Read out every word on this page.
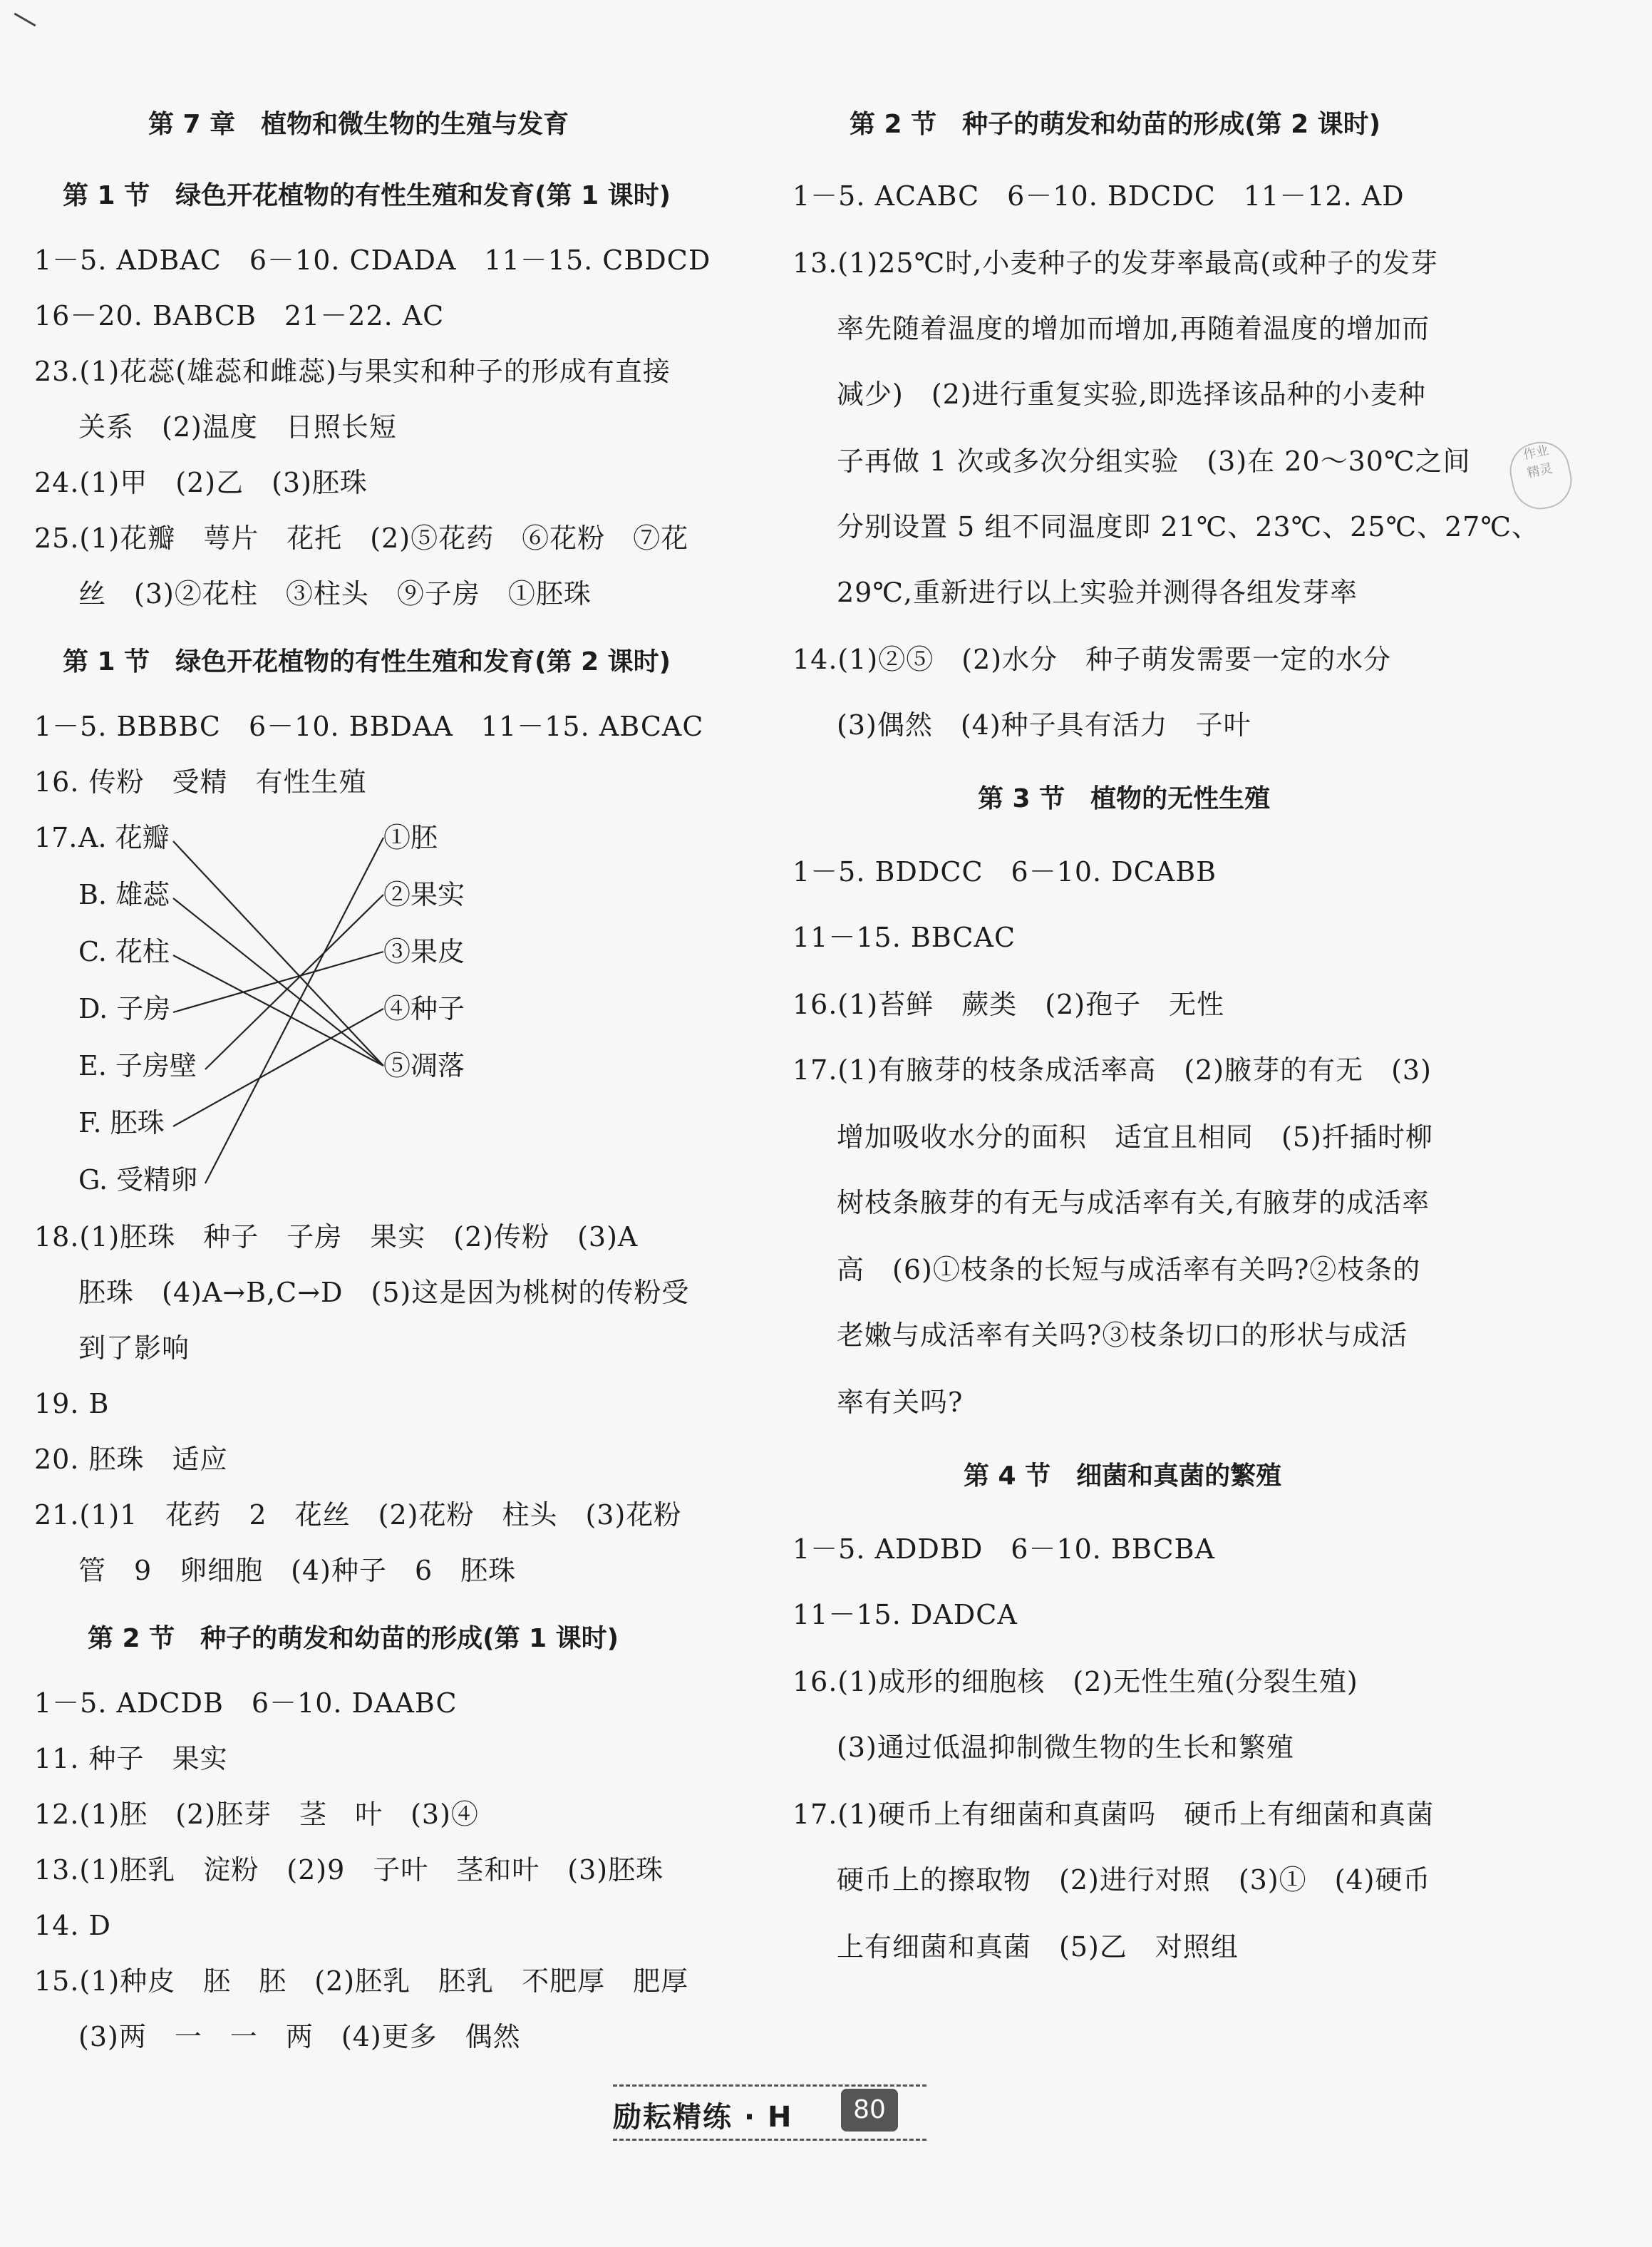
第 7 章　植物和微生物的生殖与发育
第 1 节　绿色开花植物的有性生殖和发育(第 1 课时)
1－5. ADBAC　6－10. CDADA　11－15. CBDCD
16－20. BABCB　21－22. AC
23.(1)花蕊(雄蕊和雌蕊)与果实和种子的形成有直接
关系　(2)温度　日照长短
24.(1)甲　(2)乙　(3)胚珠
25.(1)花瓣　萼片　花托　(2)⑤花药　⑥花粉　⑦花
丝　(3)②花柱　③柱头　⑨子房　①胚珠
第 1 节　绿色开花植物的有性生殖和发育(第 2 课时)
1－5. BBBBC　6－10. BBDAA　11－15. ABCAC
16. 传粉　受精　有性生殖
17. A. 花瓣
B. 雄蕊
C. 花柱
D. 子房
E. 子房壁
F. 胚珠
G. 受精卵
①胚
②果实
③果皮
④种子
⑤凋落
18.(1)胚珠　种子　子房　果实　(2)传粉　(3)A
胚珠　(4)A→B,C→D　(5)这是因为桃树的传粉受
到了影响
19. B
20. 胚珠　适应
21.(1)1　花药　2　花丝　(2)花粉　柱头　(3)花粉
管　9　卵细胞　(4)种子　6　胚珠
第 2 节　种子的萌发和幼苗的形成(第 1 课时)
1－5. ADCDB　6－10. DAABC
11. 种子　果实
12.(1)胚　(2)胚芽　茎　叶　(3)④
13.(1)胚乳　淀粉　(2)9　子叶　茎和叶　(3)胚珠
14. D
15.(1)种皮　胚　胚　(2)胚乳　胚乳　不肥厚　肥厚
(3)两　一　一　两　(4)更多　偶然
第 2 节　种子的萌发和幼苗的形成(第 2 课时)
1－5. ACABC　6－10. BDCDC　11－12. AD
13.(1)25℃时,小麦种子的发芽率最高(或种子的发芽
率先随着温度的增加而增加,再随着温度的增加而
减少)　(2)进行重复实验,即选择该品种的小麦种
子再做 1 次或多次分组实验　(3)在 20～30℃之间
分别设置 5 组不同温度即 21℃、23℃、25℃、27℃、
29℃,重新进行以上实验并测得各组发芽率
14.(1)②⑤　(2)水分　种子萌发需要一定的水分
(3)偶然　(4)种子具有活力　子叶
第 3 节　植物的无性生殖
1－5. BDDCC　6－10. DCABB
11－15. BBCAC
16.(1)苔鲜　蕨类　(2)孢子　无性
17.(1)有腋芽的枝条成活率高　(2)腋芽的有无　(3)
增加吸收水分的面积　适宜且相同　(5)扦插时柳
树枝条腋芽的有无与成活率有关,有腋芽的成活率
高　(6)①枝条的长短与成活率有关吗?②枝条的
老嫩与成活率有关吗?③枝条切口的形状与成活
率有关吗?
第 4 节　细菌和真菌的繁殖
1－5. ADDBD　6－10. BBCBA
11－15. DADCA
16.(1)成形的细胞核　(2)无性生殖(分裂生殖)
(3)通过低温抑制微生物的生长和繁殖
17.(1)硬币上有细菌和真菌吗　硬币上有细菌和真菌
硬币上的擦取物　(2)进行对照　(3)①　(4)硬币
上有细菌和真菌　(5)乙　对照组
作业
精灵
励耘精练 · H	80
